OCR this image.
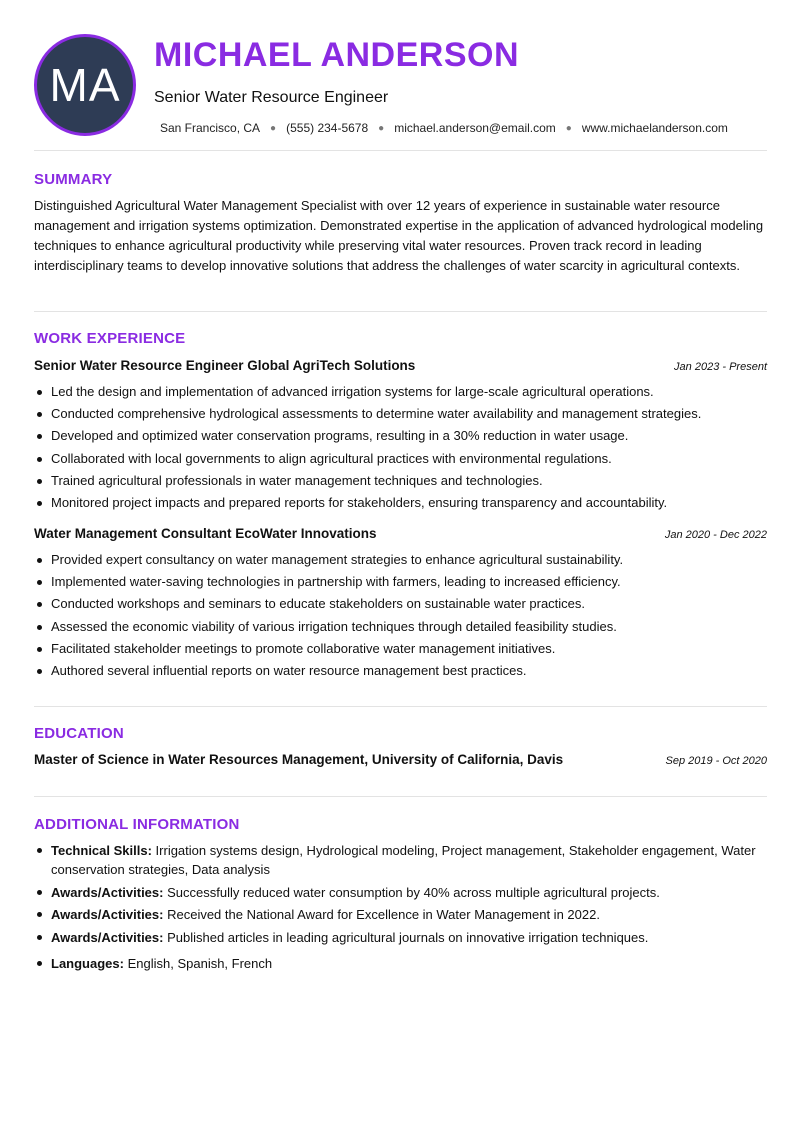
MA
MICHAEL ANDERSON
Senior Water Resource Engineer
San Francisco, CA ● (555) 234-5678 ● michael.anderson@email.com ● www.michaelanderson.com
SUMMARY

Distinguished Agricultural Water Management Specialist with over 12 years of experience in sustainable water resource management and irrigation systems optimization. Demonstrated expertise in the application of advanced hydrological modeling techniques to enhance agricultural productivity while preserving vital water resources. Proven track record in leading interdisciplinary teams to develop innovative solutions that address the challenges of water scarcity in agricultural contexts.

WORK EXPERIENCE
Senior Water Resource Engineer Global AgriTech Solutions	Jan 2023 - Present
Led the design and implementation of advanced irrigation systems for large-scale agricultural operations.
Conducted comprehensive hydrological assessments to determine water availability and management strategies.
Developed and optimized water conservation programs, resulting in a 30% reduction in water usage.
Collaborated with local governments to align agricultural practices with environmental regulations.
Trained agricultural professionals in water management techniques and technologies.
Monitored project impacts and prepared reports for stakeholders, ensuring transparency and accountability.
Water Management Consultant EcoWater Innovations	Jan 2020 - Dec 2022
Provided expert consultancy on water management strategies to enhance agricultural sustainability.
Implemented water-saving technologies in partnership with farmers, leading to increased efficiency.
Conducted workshops and seminars to educate stakeholders on sustainable water practices.
Assessed the economic viability of various irrigation techniques through detailed feasibility studies.
Facilitated stakeholder meetings to promote collaborative water management initiatives.
Authored several influential reports on water resource management best practices.
EDUCATION
Master of Science in Water Resources Management, University of California, Davis	Sep 2019 - Oct 2020
ADDITIONAL INFORMATION
Technical Skills: Irrigation systems design, Hydrological modeling, Project management, Stakeholder engagement, Water conservation strategies, Data analysis
Awards/Activities: Successfully reduced water consumption by 40% across multiple agricultural projects.
Awards/Activities: Received the National Award for Excellence in Water Management in 2022.
Awards/Activities: Published articles in leading agricultural journals on innovative irrigation techniques.
Languages: English, Spanish, French
